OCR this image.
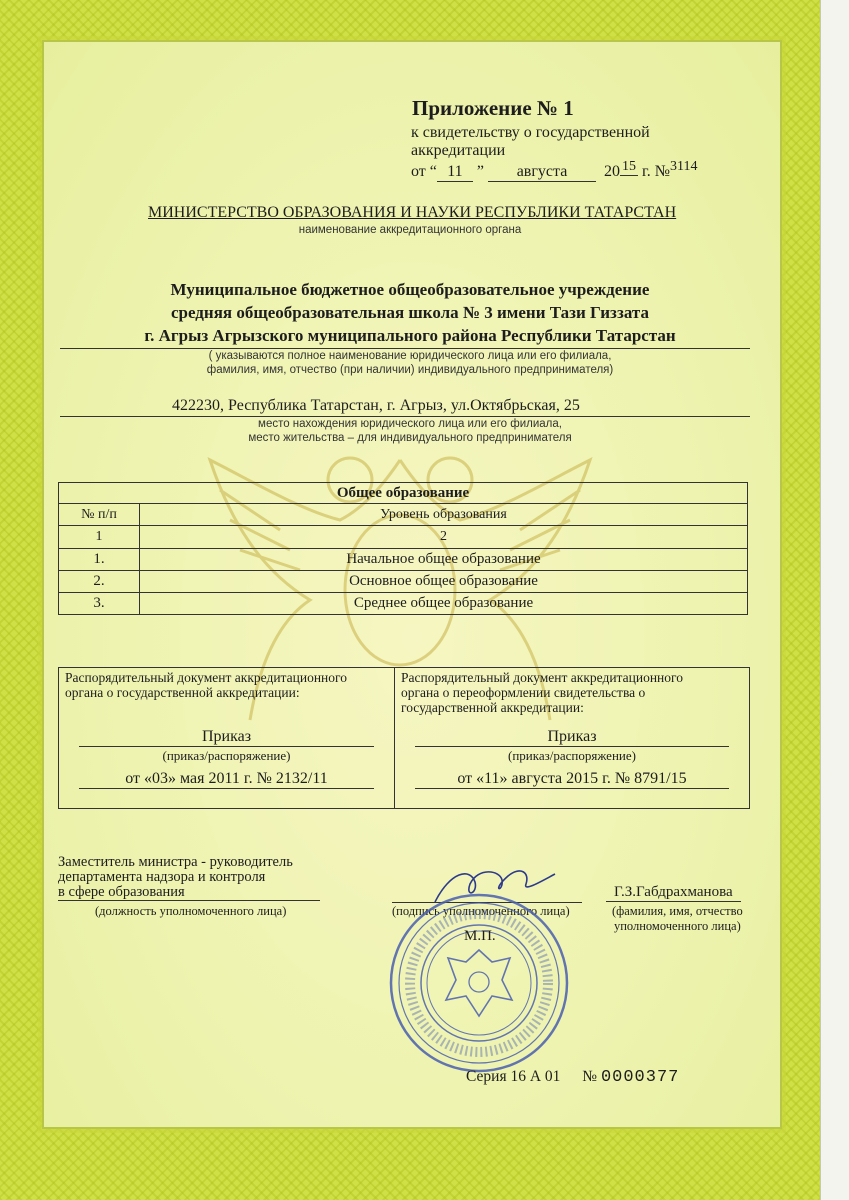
Приложение № 1
к свидетельству о государственной
аккредитации
от “ 11 ” августа 20 15 г. №3114
МИНИСТЕРСТВО ОБРАЗОВАНИЯ И НАУКИ РЕСПУБЛИКИ ТАТАРСТАН
наименование аккредитационного органа
Муниципальное бюджетное общеобразовательное учреждение
средняя общеобразовательная школа № 3 имени Тази Гиззата
г. Агрыз Агрызского муниципального района Республики Татарстан
( указываются полное наименование юридического лица или его филиала,
фамилия, имя, отчество (при наличии) индивидуального предпринимателя)
422230, Республика Татарстан, г. Агрыз, ул.Октябрьская, 25
место нахождения юридического лица или его филиала,
место жительства – для индивидуального предпринимателя
Общее образование	
№ п/п	Уровень образования
1	2
1.	Начальное общее образование
2.	Основное общее образование
3.	Среднее общее образование
Распорядительный документ аккредитационного
органа о государственной аккредитации:
Приказ
(приказ/распоряжение)
от «03» мая 2011 г. № 2132/11
Распорядительный документ аккредитационного
органа о переоформлении свидетельства о
государственной аккредитации:
Приказ
(приказ/распоряжение)
от «11» августа 2015 г. № 8791/15
Заместитель министра - руководитель
департамента надзора и контроля
в сфере образования
(должность уполномоченного лица)	(подпись уполномоченного лица)
Г.З.Габдрахманова
(фамилия, имя, отчество
уполномоченного лица)
М.П.
Серия 16 А 01 № 0000377
